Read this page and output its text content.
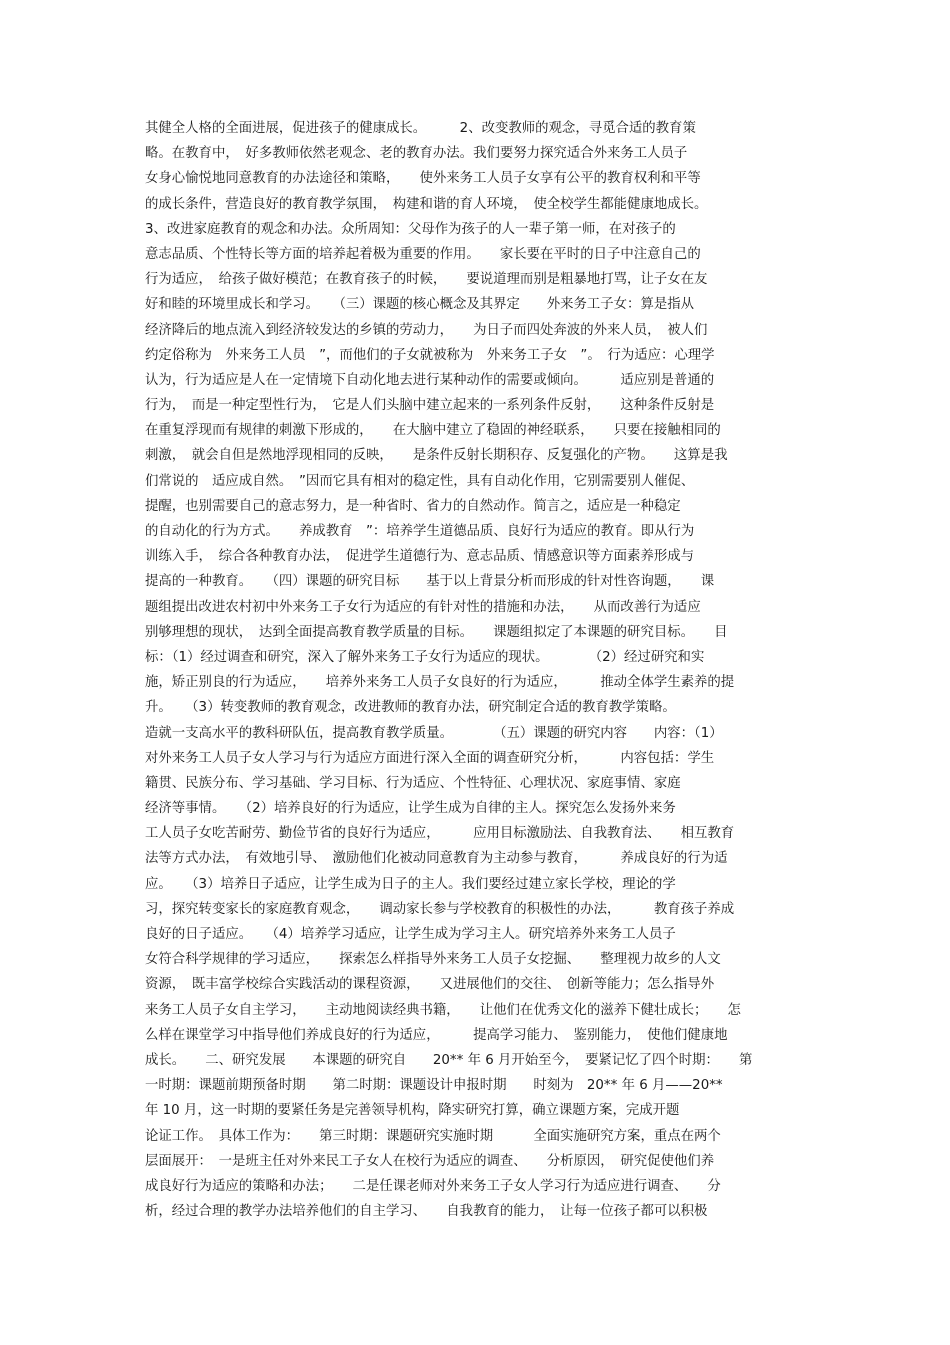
其健全人格的全面进展，促进孩子的健康成长。　　　2、改变教师的观念，寻觅合适的教育策
略。在教育中，　好多教师依然老观念、老的教育办法。我们要努力探究适合外来务工人员子
女身心愉悦地同意教育的办法途径和策略，　　使外来务工人员子女享有公平的教育权利和平等
的成长条件，营造良好的教育教学氛围，　构建和谐的育人环境，　使全校学生都能健康地成长。
3、改进家庭教育的观念和办法。众所周知：父母作为孩子的人一辈子第一师，在对孩子的
意志品质、个性特长等方面的培养起着极为重要的作用。　　家长要在平时的日子中注意自己的
行为适应，　给孩子做好模范；在教育孩子的时候，　　要说道理而别是粗暴地打骂，让子女在友
好和睦的环境里成长和学习。　　（三）课题的核心概念及其界定　　外来务工子女：算是指从
经济降后的地点流入到经济较发达的乡镇的劳动力，　　为日子而四处奔波的外来人员，　被人们
约定俗称为　外来务工人员　”，而他们的子女就被称为　外来务工子女　”。　行为适应：心理学
认为，行为适应是人在一定情境下自动化地去进行某种动作的需要或倾向。　　　适应别是普通的
行为，　而是一种定型性行为，　它是人们头脑中建立起来的一系列条件反射，　　这种条件反射是
在重复浮现而有规律的刺激下形成的，　　在大脑中建立了稳固的神经联系，　　只要在接触相同的
刺激，　就会自但是然地浮现相同的反映，　　是条件反射长期积存、反复强化的产物。　　这算是我
们常说的　适应成自然。　”因而它具有相对的稳定性，具有自动化作用，它别需要别人催促、
提醒，也别需要自己的意志努力，是一种省时、省力的自然动作。简言之，适应是一种稳定
的自动化的行为方式。　　养成教育　”：培养学生道德品质、良好行为适应的教育。即从行为
训练入手，　综合各种教育办法，　促进学生道德行为、意志品质、情感意识等方面素养形成与
提高的一种教育。　　（四）课题的研究目标　　基于以上背景分析而形成的针对性咨询题，　　课
题组提出改进农村初中外来务工子女行为适应的有针对性的措施和办法，　　从而改善行为适应
别够理想的现状，　达到全面提高教育教学质量的目标。　　课题组拟定了本课题的研究目标。　　目
标：（1）经过调查和研究，深入了解外来务工子女行为适应的现状。　　　　（2）经过研究和实
施，矫正别良的行为适应，　　培养外来务工人员子女良好的行为适应，　　　推动全体学生素养的提
升。　　（3）转变教师的教育观念，改进教师的教育办法，研究制定合适的教育教学策略。
造就一支高水平的教科研队伍，提高教育教学质量。　　　　（五）课题的研究内容　　内容：（1）
对外来务工人员子女人学习与行为适应方面进行深入全面的调查研究分析，　　　内容包括：学生
籍贯、民族分布、学习基础、学习目标、行为适应、个性特征、心理状况、家庭事情、家庭
经济等事情。　　（2）培养良好的行为适应，让学生成为自律的主人。探究怎么发扬外来务
工人员子女吃苦耐劳、勤俭节省的良好行为适应，　　　应用目标激励法、自我教育法、　　相互教育
法等方式办法，　有效地引导、　激励他们化被动同意教育为主动参与教育，　　　养成良好的行为适
应。　　（3）培养日子适应，让学生成为日子的主人。我们要经过建立家长学校，理论的学
习，探究转变家长的家庭教育观念，　　调动家长参与学校教育的积极性的办法，　　　教育孩子养成
良好的日子适应。　　（4）培养学习适应，让学生成为学习主人。研究培养外来务工人员子
女符合科学规律的学习适应，　　探索怎么样指导外来务工人员子女挖掘、　　整理视力故乡的人文
资源，　既丰富学校综合实践活动的课程资源，　　又进展他们的交往、　创新等能力；怎么指导外
来务工人员子女自主学习，　　主动地阅读经典书籍，　　让他们在优秀文化的滋养下健壮成长；　　怎
么样在课堂学习中指导他们养成良好的行为适应，　　　提高学习能力、　鉴别能力，　使他们健康地
成长。　　二、研究发展　　本课题的研究自　　20** 年 6 月开始至今，　要紧记忆了四个时期：　　第
一时期：课题前期预备时期　　第二时期：课题设计申报时期　　时刻为　20** 年 6 月——20**
年 10 月，这一时期的要紧任务是完善领导机构，降实研究打算，确立课题方案，完成开题
论证工作。　具体工作为：　　第三时期：课题研究实施时期　　　全面实施研究方案，重点在两个
层面展开：　一是班主任对外来民工子女人在校行为适应的调查、　　分析原因，　研究促使他们养
成良好行为适应的策略和办法；　　二是任课老师对外来务工子女人学习行为适应进行调查、　　分
析，经过合理的教学办法培养他们的自主学习、　　自我教育的能力，　让每一位孩子都可以积极
